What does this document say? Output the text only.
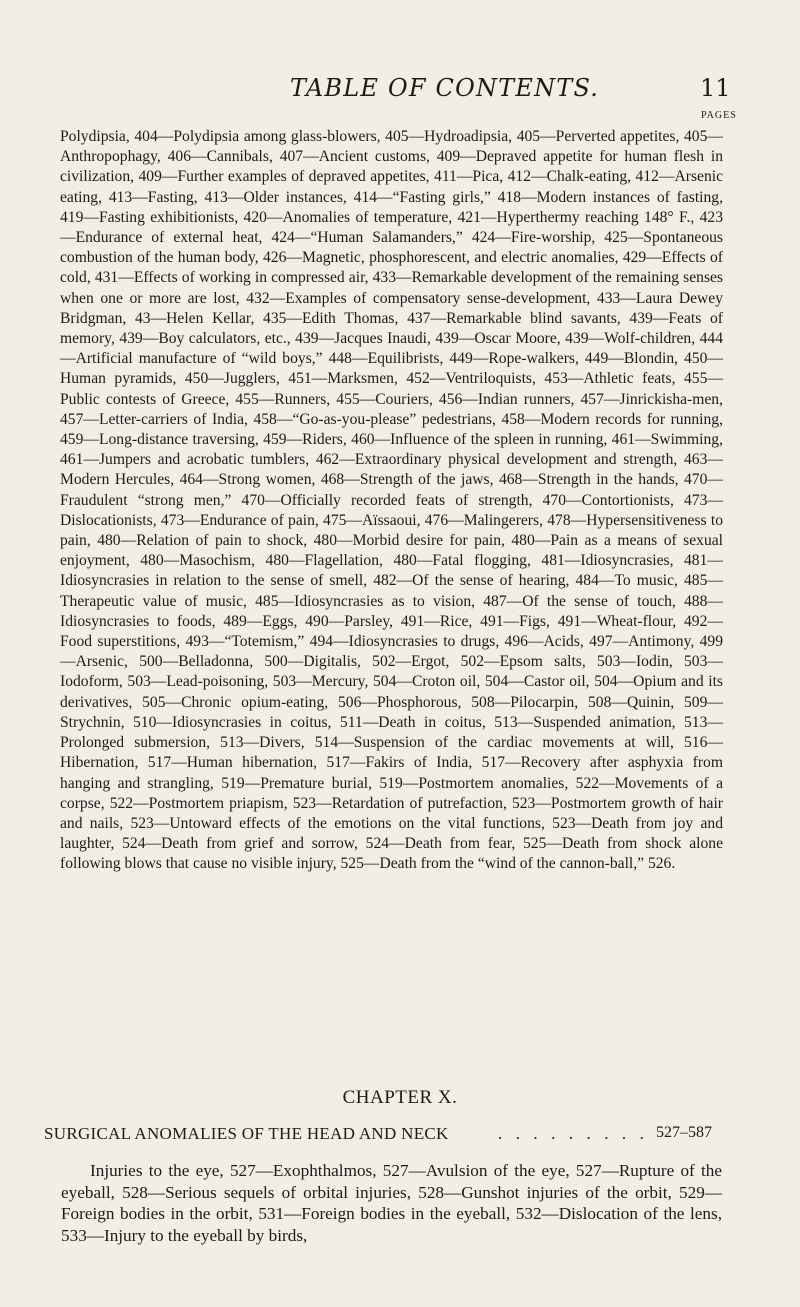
TABLE OF CONTENTS.	11
PAGES

Polydipsia, 404—Polydipsia among glass-blowers, 405—Hydroadipsia, 405—Perverted appetites, 405—Anthropophagy, 406—Cannibals, 407—Ancient customs, 409—Depraved appetite for human flesh in civilization, 409—Further examples of depraved appetites, 411—Pica, 412—Chalk-eating, 412—Arsenic eating, 413—Fasting, 413—Older instances, 414—“Fasting girls,” 418—Modern instances of fasting, 419—Fasting exhibitionists, 420—Anomalies of temperature, 421—Hyperthermy reaching 148° F., 423—Endurance of external heat, 424—“Human Salamanders,” 424—Fire-worship, 425—Spontaneous combustion of the human body, 426—Magnetic, phosphorescent, and electric anomalies, 429—Effects of cold, 431—Effects of working in compressed air, 433—Remarkable development of the remaining senses when one or more are lost, 432—Examples of compensatory sense-development, 433—Laura Dewey Bridgman, 43—Helen Kellar, 435—Edith Thomas, 437—Remarkable blind savants, 439—Feats of memory, 439—Boy calculators, etc., 439—Jacques Inaudi, 439—Oscar Moore, 439—Wolf-children, 444—Artificial manufacture of “wild boys,” 448—Equilibrists, 449—Rope-walkers, 449—Blondin, 450—Human pyramids, 450—Jugglers, 451—Marksmen, 452—Ventriloquists, 453—Athletic feats, 455—Public contests of Greece, 455—Runners, 455—Couriers, 456—Indian runners, 457—Jinrickisha-men, 457—Letter-carriers of India, 458—“Go-as-you-please” pedestrians, 458—Modern records for running, 459—Long-distance traversing, 459—Riders, 460—Influence of the spleen in running, 461—Swimming, 461—Jumpers and acrobatic tumblers, 462—Extraordinary physical development and strength, 463—Modern Hercules, 464—Strong women, 468—Strength of the jaws, 468—Strength in the hands, 470—Fraudulent “strong men,” 470—Officially recorded feats of strength, 470—Contortionists, 473—Dislocationists, 473—Endurance of pain, 475—Aïssaoui, 476—Malingerers, 478—Hypersensitiveness to pain, 480—Relation of pain to shock, 480—Morbid desire for pain, 480—Pain as a means of sexual enjoyment, 480—Masochism, 480—Flagellation, 480—Fatal flogging, 481—Idiosyncrasies, 481—Idiosyncrasies in relation to the sense of smell, 482—Of the sense of hearing, 484—To music, 485—Therapeutic value of music, 485—Idiosyncrasies as to vision, 487—Of the sense of touch, 488—Idiosyncrasies to foods, 489—Eggs, 490—Parsley, 491—Rice, 491—Figs, 491—Wheat-flour, 492—Food superstitions, 493—“Totemism,” 494—Idiosyncrasies to drugs, 496—Acids, 497—Antimony, 499—Arsenic, 500—Belladonna, 500—Digitalis, 502—Ergot, 502—Epsom salts, 503—Iodin, 503—Iodoform, 503—Lead-poisoning, 503—Mercury, 504—Croton oil, 504—Castor oil, 504—Opium and its derivatives, 505—Chronic opium-eating, 506—Phosphorous, 508—Pilocarpin, 508—Quinin, 509—Strychnin, 510—Idiosyncrasies in coitus, 511—Death in coitus, 513—Suspended animation, 513—Prolonged submersion, 513—Divers, 514—Suspension of the cardiac movements at will, 516—Hibernation, 517—Human hibernation, 517—Fakirs of India, 517—Recovery after asphyxia from hanging and strangling, 519—Premature burial, 519—Postmortem anomalies, 522—Movements of a corpse, 522—Postmortem priapism, 523—Retardation of putrefaction, 523—Postmortem growth of hair and nails, 523—Untoward effects of the emotions on the vital functions, 523—Death from joy and laughter, 524—Death from grief and sorrow, 524—Death from fear, 525—Death from shock alone following blows that cause no visible injury, 525—Death from the “wind of the cannon-ball,” 526.

CHAPTER X.
SURGICAL ANOMALIES OF THE HEAD AND NECK	. . . . . . . . . 527–587

Injuries to the eye, 527—Exophthalmos, 527—Avulsion of the eye, 527—Rupture of the eyeball, 528—Serious sequels of orbital injuries, 528—Gunshot injuries of the orbit, 529—Foreign bodies in the orbit, 531—Foreign bodies in the eyeball, 532—Dislocation of the lens, 533—Injury to the eyeball by birds,
